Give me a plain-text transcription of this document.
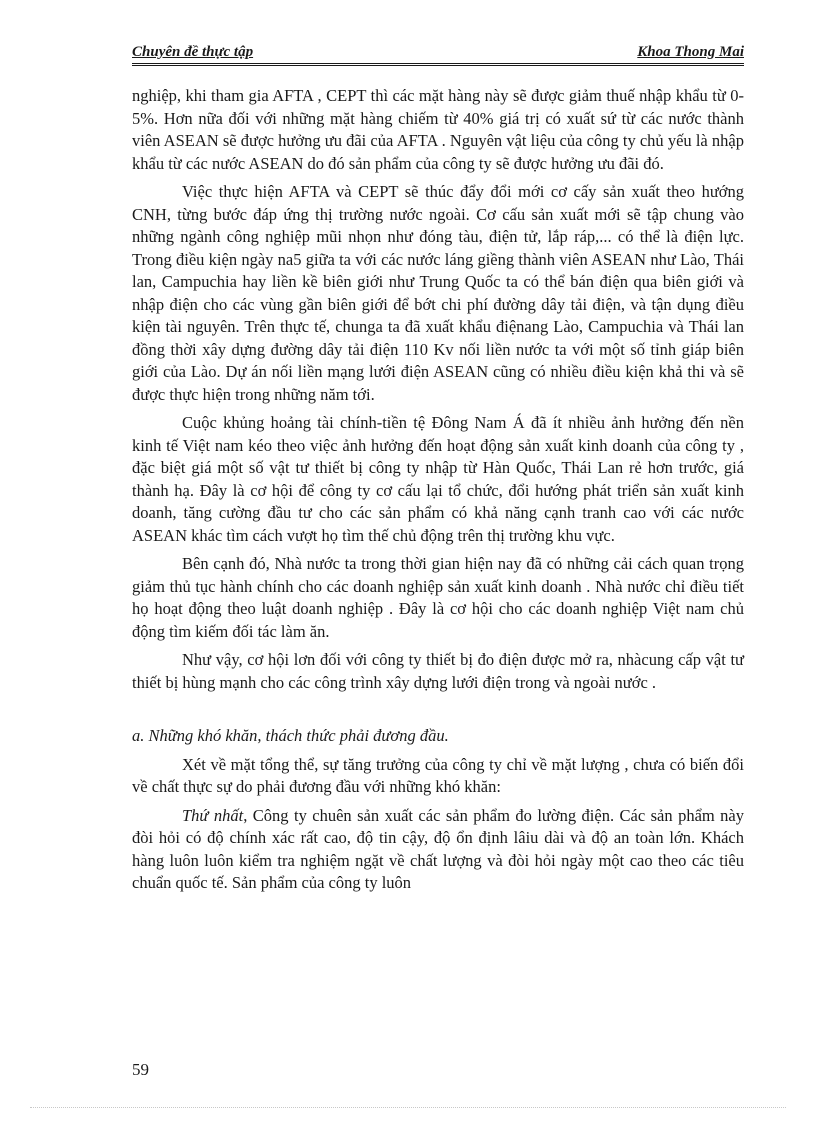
Chuyên đề thực tập	Khoa Thong Mai

nghiệp, khi tham gia AFTA , CEPT thì các mặt hàng này sẽ được giảm thuế nhập khẩu từ 0-5%. Hơn nữa đối với những mặt hàng chiếm từ 40% giá trị có xuất sứ từ các nước thành viên ASEAN sẽ được hưởng ưu đãi của AFTA . Nguyên vật liệu của công ty chủ yếu là nhập khẩu từ các nước ASEAN do đó sản phẩm của công ty sẽ được hưởng ưu đãi đó.

Việc thực hiện AFTA và CEPT sẽ thúc đẩy đổi mới cơ cấy sản xuất theo hướng CNH, từng bước đáp ứng thị trường nước ngoài. Cơ cấu sản xuất mới sẽ tập chung vào những ngành công nghiệp mũi nhọn như đóng tàu, điện tử, lắp ráp,... có thể là điện lực. Trong điều kiện ngày na5 giữa ta với các nước láng giềng thành viên ASEAN như Lào, Thái lan, Campuchia hay liền kề biên giới như Trung Quốc ta có thể bán điện qua biên giới và nhập điện cho các vùng gần biên giới để bớt chi phí đường dây tải điện, và tận dụng điều kiện tài nguyên. Trên thực tế, chunga ta đã xuất khẩu điệnang Lào, Campuchia và Thái lan đồng thời xây dựng đường dây tải điện 110 Kv nối liền nước ta với một số tỉnh giáp biên giới của Lào. Dự án nối liền mạng lưới điện ASEAN cũng có nhiều điều kiện khả thi và sẽ được thực hiện trong những năm tới.

Cuộc khủng hoảng tài chính-tiền tệ Đông Nam Á đã ít nhiều ảnh hưởng đến nền kinh tế Việt nam kéo theo việc ảnh hưởng đến hoạt động sản xuất kinh doanh của công ty , đặc biệt giá một số vật tư thiết bị công ty nhập từ Hàn Quốc, Thái Lan rẻ hơn trước, giá thành hạ. Đây là cơ hội để công ty cơ cấu lại tổ chức, đổi hướng phát triển sản xuất kinh doanh, tăng cường đầu tư cho các sản phẩm có khả năng cạnh tranh cao với các nước ASEAN khác tìm cách vượt họ tìm thế chủ động trên thị trường khu vực.

Bên cạnh đó, Nhà nước ta trong thời gian hiện nay đã có những cải cách quan trọng giảm thủ tục hành chính cho các doanh nghiệp sản xuất kinh doanh . Nhà nước chỉ điều tiết họ hoạt động theo luật doanh nghiệp . Đây là cơ hội cho các doanh nghiệp Việt nam chủ động tìm kiếm đối tác làm ăn.

Như vậy, cơ hội lơn đối với công ty thiết bị đo điện được mở ra, nhàcung cấp vật tư thiết bị hùng mạnh cho các công trình xây dựng lưới điện trong và ngoài nước .

a. Những khó khăn, thách thức phải đương đầu.

Xét về mặt tổng thể, sự tăng trưởng của công ty chỉ về mặt lượng , chưa có biến đổi về chất thực sự do phải đương đầu với những khó khăn:

Thứ nhất, Công ty chuên sản xuất các sản phẩm đo lường điện. Các sản phẩm này đòi hỏi có độ chính xác rất cao, độ tin cậy, độ ổn định lâiu dài và độ an toàn lớn. Khách hàng luôn luôn kiểm tra nghiệm ngặt về chất lượng và đòi hỏi ngày một cao theo các tiêu chuẩn quốc tế. Sản phẩm của công ty luôn

59
